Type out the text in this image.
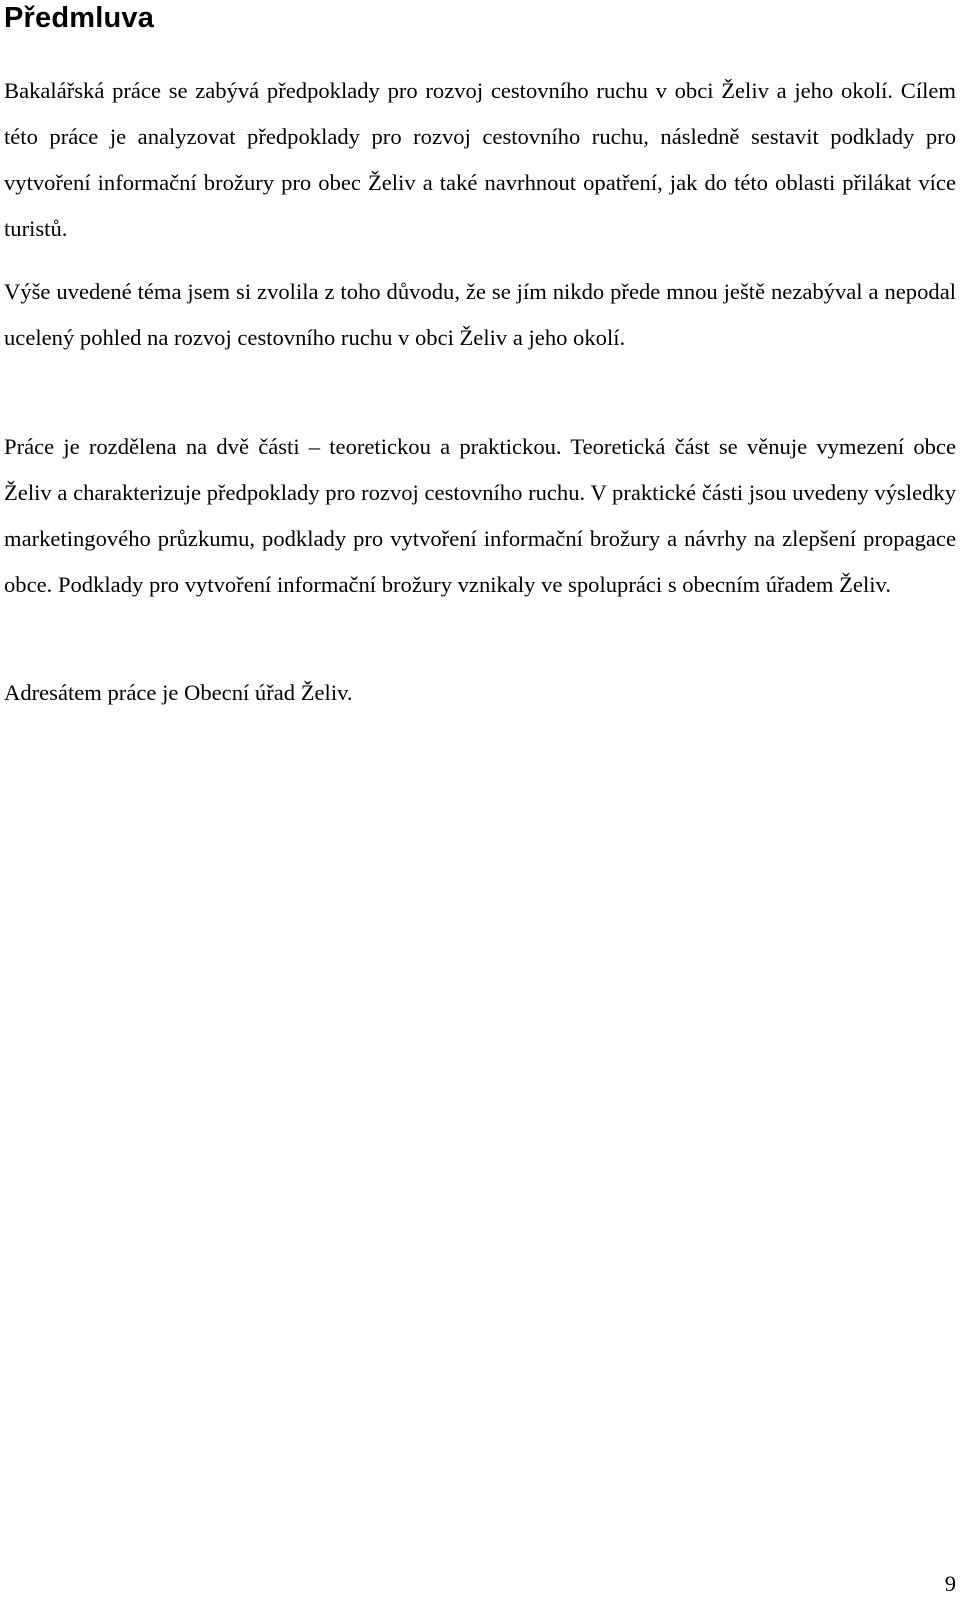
Předmluva

Bakalářská práce se zabývá předpoklady pro rozvoj cestovního ruchu v obci Želiv a jeho okolí. Cílem této práce je analyzovat předpoklady pro rozvoj cestovního ruchu, následně sestavit podklady pro vytvoření informační brožury pro obec Želiv a také navrhnout opatření, jak do této oblasti přilákat více turistů.

Výše uvedené téma jsem si zvolila z toho důvodu, že se jím nikdo přede mnou ještě nezabýval a nepodal ucelený pohled na rozvoj cestovního ruchu v obci Želiv a jeho okolí.

Práce je rozdělena na dvě části – teoretickou a praktickou. Teoretická část se věnuje vymezení obce Želiv a charakterizuje předpoklady pro rozvoj cestovního ruchu. V praktické části jsou uvedeny výsledky marketingového průzkumu, podklady pro vytvoření informační brožury a návrhy na zlepšení propagace obce. Podklady pro vytvoření informační brožury vznikaly ve spolupráci s obecním úřadem Želiv.

Adresátem práce je Obecní úřad Želiv.

9
